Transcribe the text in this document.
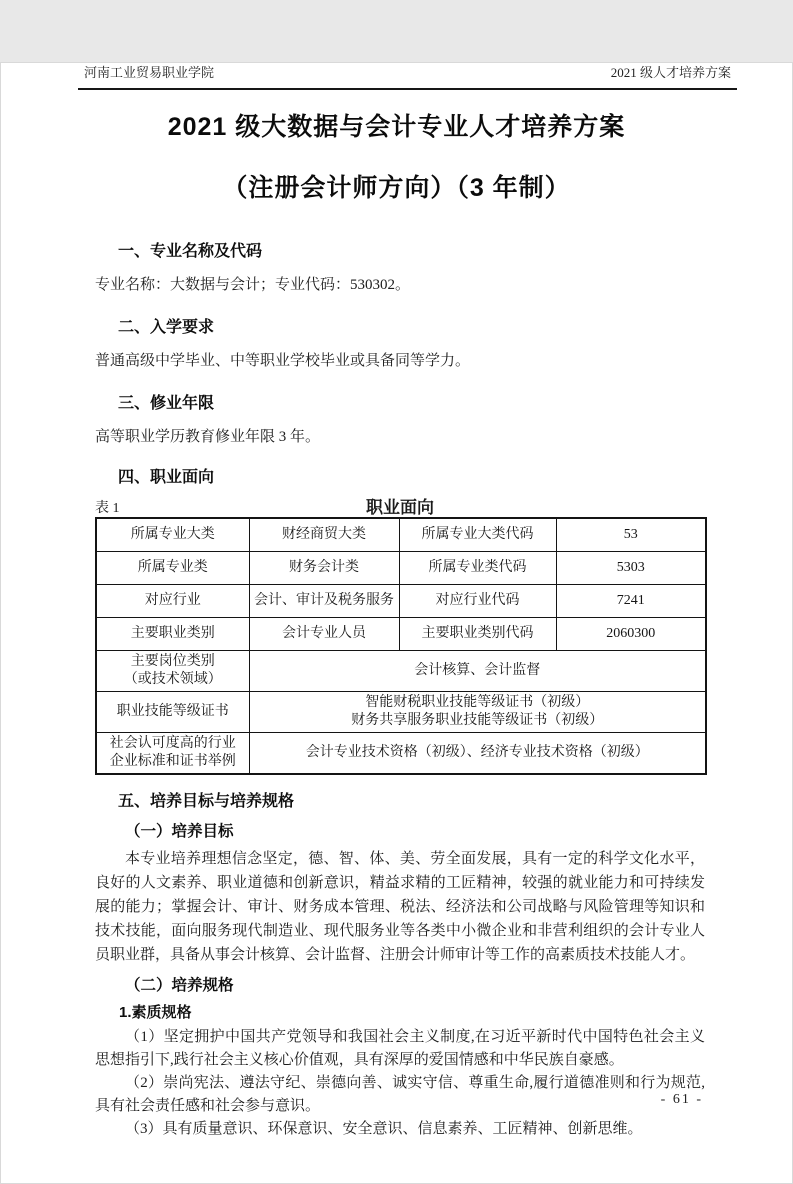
河南工业贸易职业学院	2021 级人才培养方案
2021 级大数据与会计专业人才培养方案
（注册会计师方向）（3 年制）
一、专业名称及代码
专业名称：大数据与会计；专业代码：530302。
二、入学要求
普通高级中学毕业、中等职业学校毕业或具备同等学力。
三、修业年限
高等职业学历教育修业年限 3 年。
四、职业面向
表 1	职业面向
所属专业大类	财经商贸大类	所属专业大类代码	53
所属专业类	财务会计类	所属专业类代码	5303
对应行业	会计、审计及税务服务	对应行业代码	7241
主要职业类别	会计专业人员	主要职业类别代码	2060300

主要岗位类别
（或技术领域）	会计核算、会计监督		
职业技能等级证书	智能财税职业技能等级证书（初级）
财务共享服务职业技能等级证书（初级）		

社会认可度高的行业
企业标准和证书举例	会计专业技术资格（初级）、经济专业技术资格（初级）		
五、培养目标与培养规格
（一）培养目标
本专业培养理想信念坚定，德、智、体、美、劳全面发展，具有一定的科学文化水平，良好的人文素养、职业道德和创新意识，精益求精的工匠精神，较强的就业能力和可持续发展的能力；掌握会计、审计、财务成本管理、税法、经济法和公司战略与风险管理等知识和技术技能，面向服务现代制造业、现代服务业等各类中小微企业和非营利组织的会计专业人员职业群，具备从事会计核算、会计监督、注册会计师审计等工作的高素质技术技能人才。
（二）培养规格
1.素质规格
（1）坚定拥护中国共产党领导和我国社会主义制度,在习近平新时代中国特色社会主义思想指引下,践行社会主义核心价值观，具有深厚的爱国情感和中华民族自豪感。
（2）崇尚宪法、遵法守纪、崇德向善、诚实守信、尊重生命,履行道德准则和行为规范,具有社会责任感和社会参与意识。
（3）具有质量意识、环保意识、安全意识、信息素养、工匠精神、创新思维。
- 61 -
